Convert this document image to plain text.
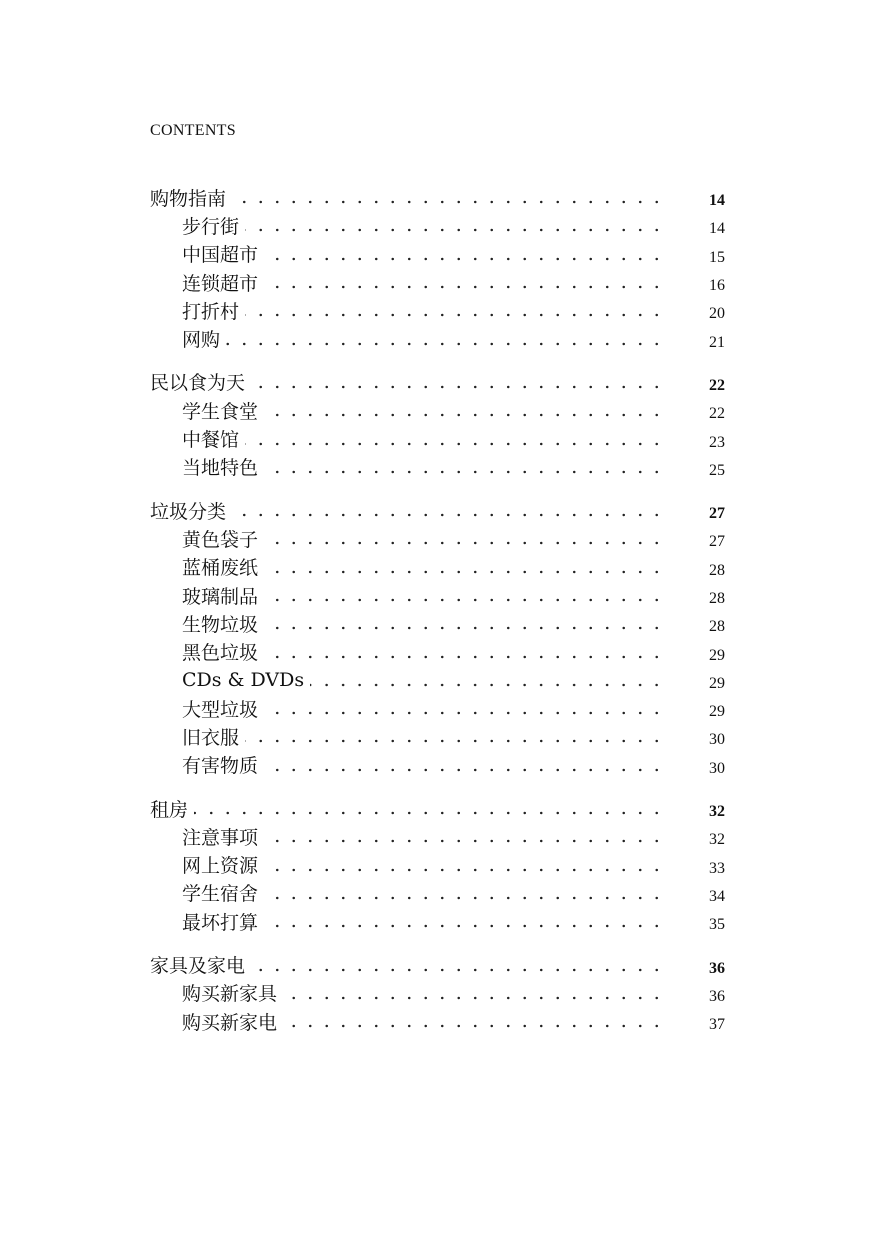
CONTENTS
购物指南	14
步行街	14
中国超市	15
连锁超市	16
打折村	20
网购	21
民以食为天	22
学生食堂	22
中餐馆	23
当地特色	25
垃圾分类	27
黄色袋子	27
蓝桶废纸	28
玻璃制品	28
生物垃圾	28
黑色垃圾	29
CDs & DVDs	29
大型垃圾	29
旧衣服	30
有害物质	30
租房	32
注意事项	32
网上资源	33
学生宿舍	34
最坏打算	35
家具及家电	36
购买新家具	36
购买新家电	37
